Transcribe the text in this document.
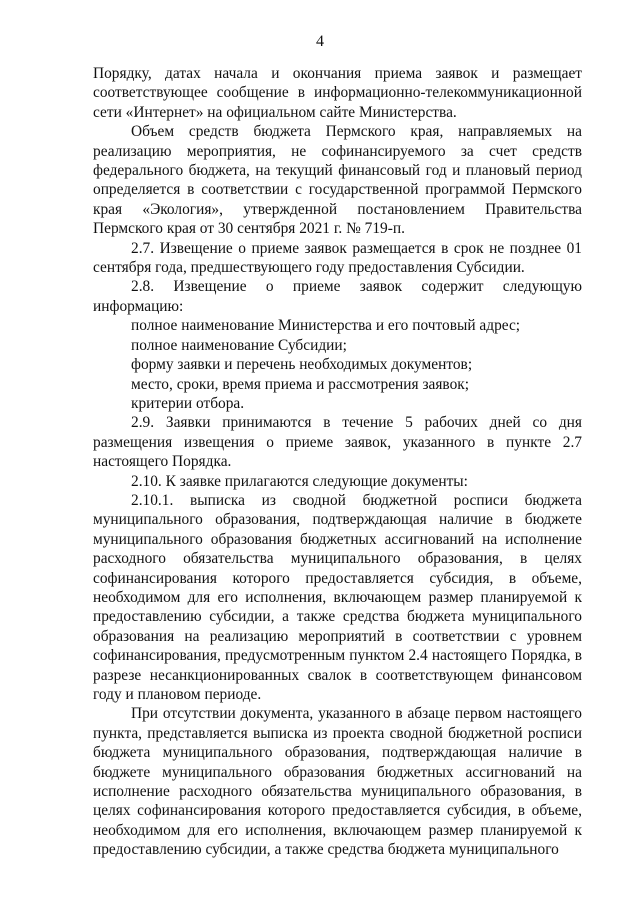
4

Порядку, датах начала и окончания приема заявок и размещает соответствующее сообщение в информационно-телекоммуникационной сети «Интернет» на официальном сайте Министерства.

Объем средств бюджета Пермского края, направляемых на реализацию мероприятия, не софинансируемого за счет средств федерального бюджета, на текущий финансовый год и плановый период определяется в соответствии с государственной программой Пермского края «Экология», утвержденной постановлением Правительства Пермского края от 30 сентября 2021 г. № 719-п.

2.7. Извещение о приеме заявок размещается в срок не позднее 01 сентября года, предшествующего году предоставления Субсидии.

2.8. Извещение о приеме заявок содержит следующую информацию:

полное наименование Министерства и его почтовый адрес;

полное наименование Субсидии;

форму заявки и перечень необходимых документов;

место, сроки, время приема и рассмотрения заявок;

критерии отбора.

2.9. Заявки принимаются в течение 5 рабочих дней со дня размещения извещения о приеме заявок, указанного в пункте 2.7 настоящего Порядка.

2.10. К заявке прилагаются следующие документы:

2.10.1. выписка из сводной бюджетной росписи бюджета муниципального образования, подтверждающая наличие в бюджете муниципального образования бюджетных ассигнований на исполнение расходного обязательства муниципального образования, в целях софинансирования которого предоставляется субсидия, в объеме, необходимом для его исполнения, включающем размер планируемой к предоставлению субсидии, а также средства бюджета муниципального образования на реализацию мероприятий в соответствии с уровнем софинансирования, предусмотренным пунктом 2.4 настоящего Порядка, в разрезе несанкционированных свалок в соответствующем финансовом году и плановом периоде.

При отсутствии документа, указанного в абзаце первом настоящего пункта, представляется выписка из проекта сводной бюджетной росписи бюджета муниципального образования, подтверждающая наличие в бюджете муниципального образования бюджетных ассигнований на исполнение расходного обязательства муниципального образования, в целях софинансирования которого предоставляется субсидия, в объеме, необходимом для его исполнения, включающем размер планируемой к предоставлению субсидии, а также средства бюджета муниципального
